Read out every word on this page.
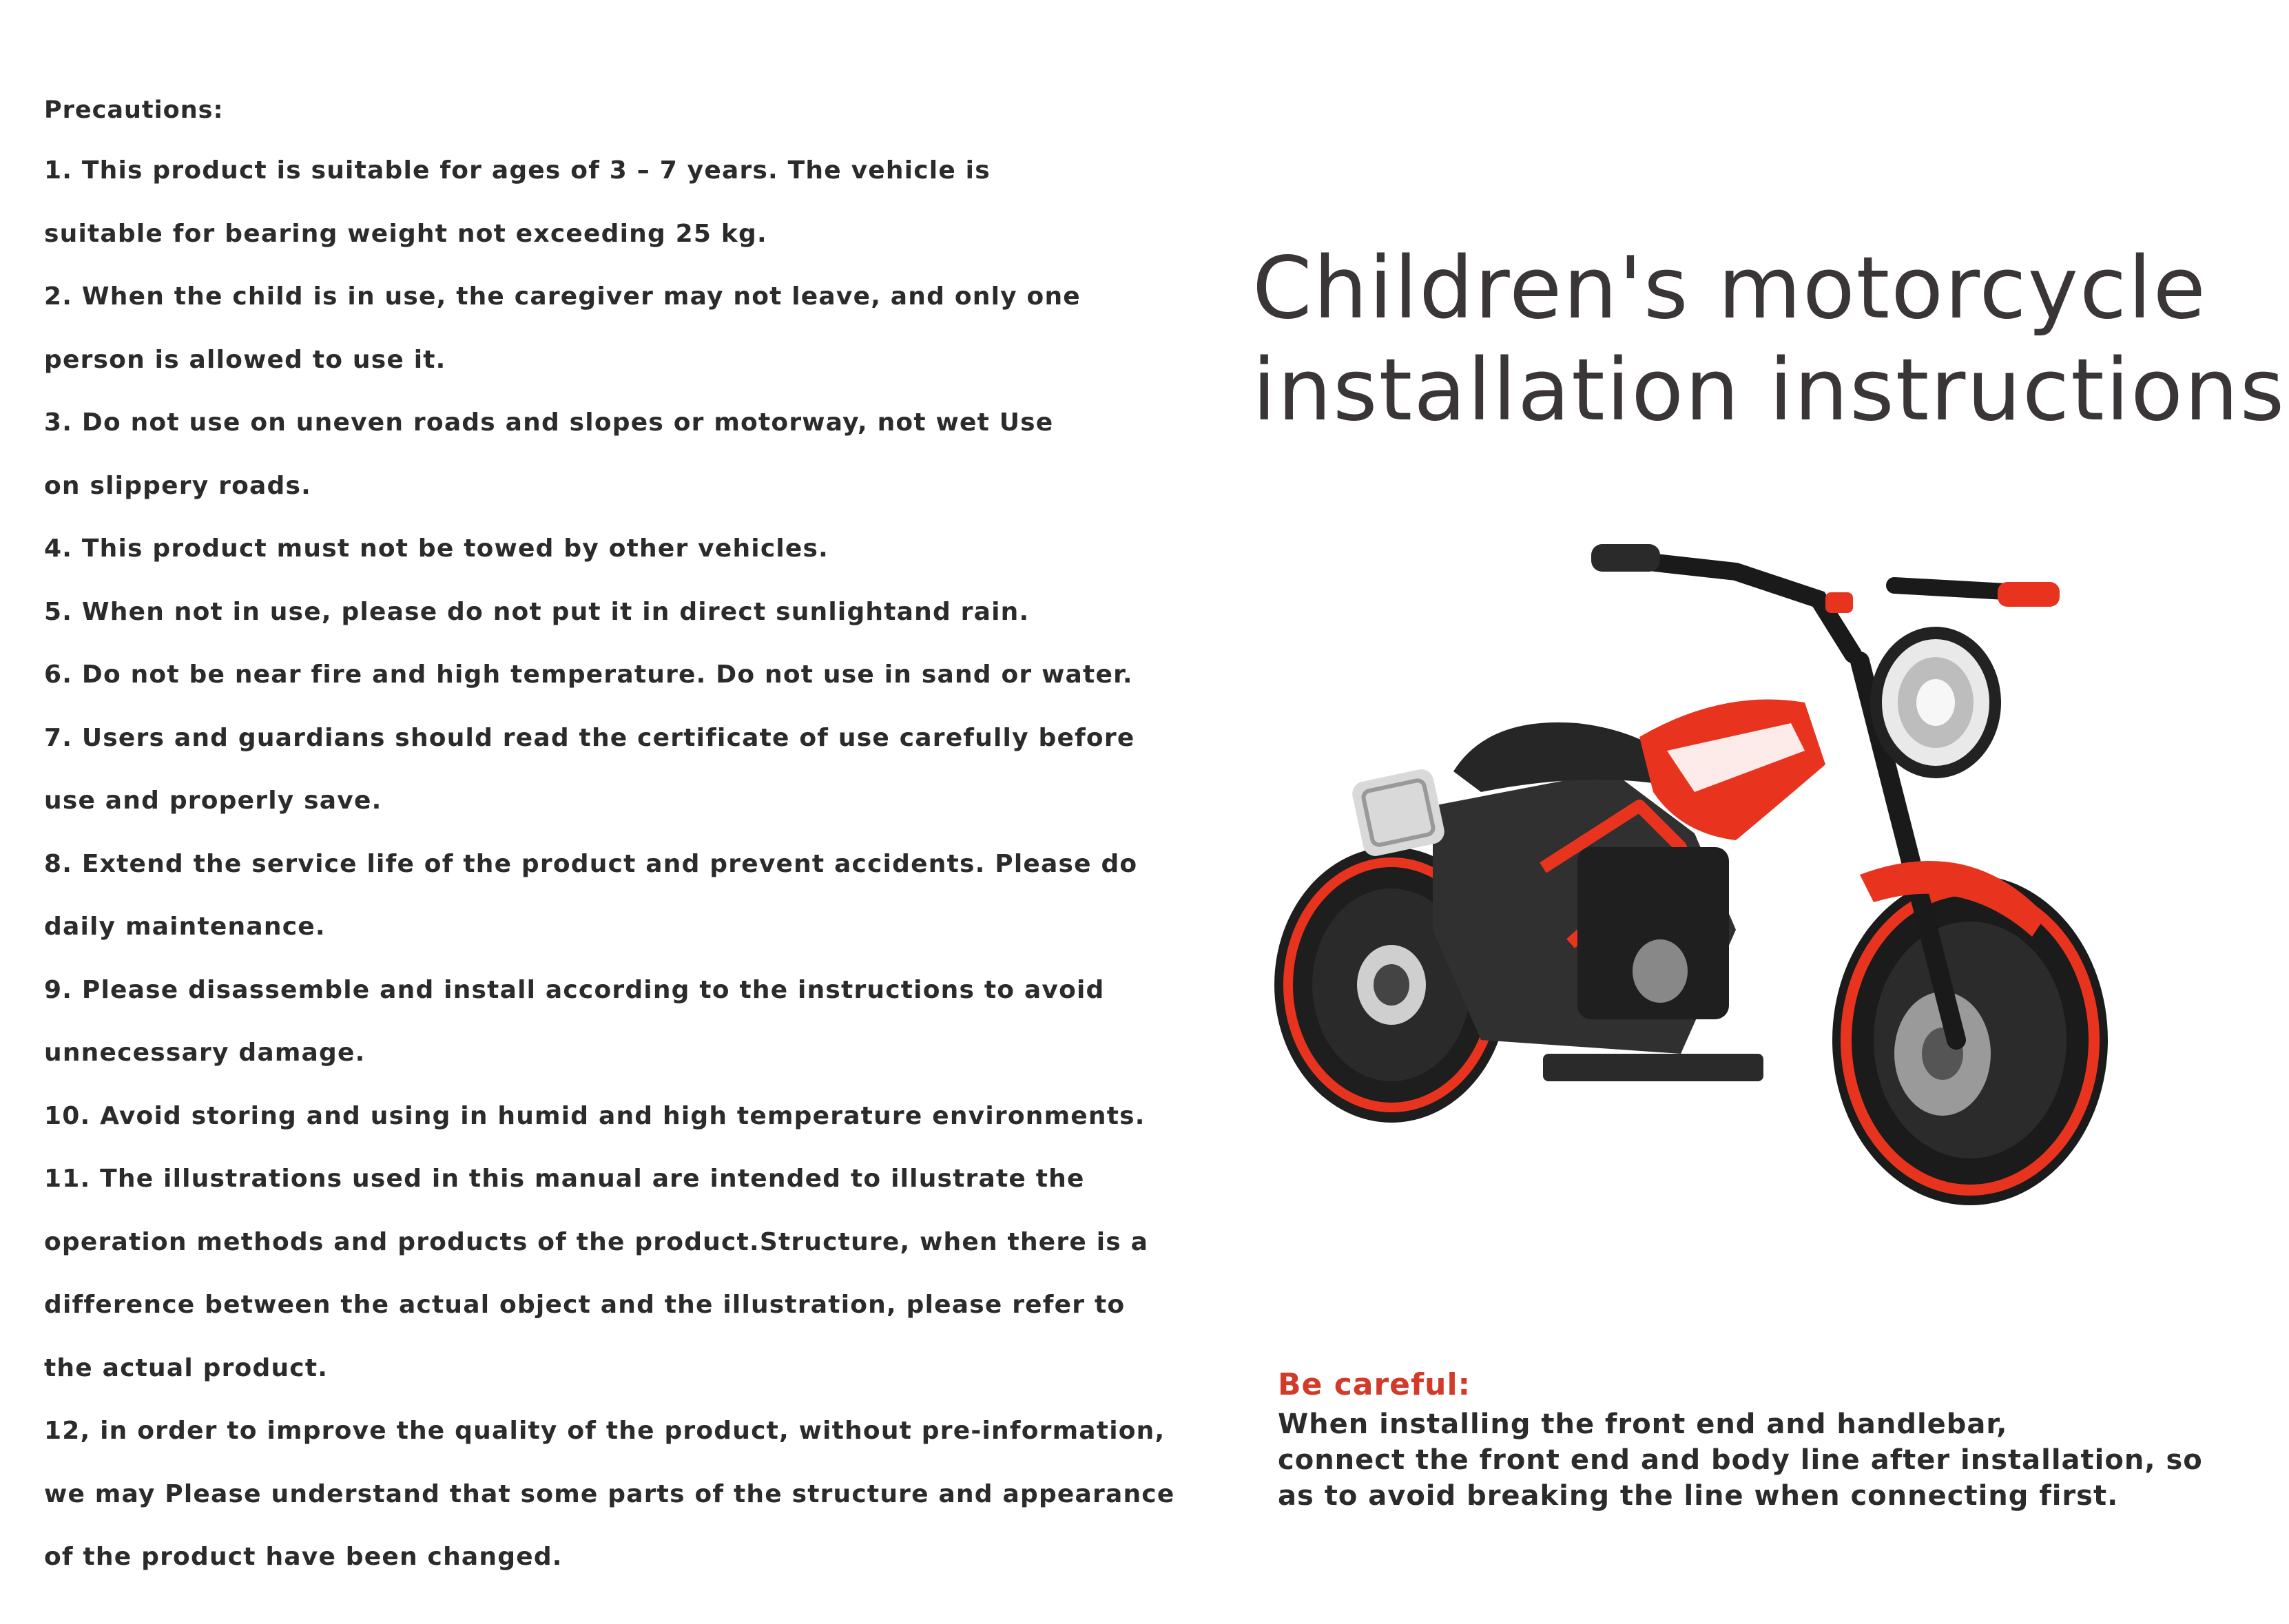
Precautions:
1. This product is suitable for ages of 3 – 7 years. The vehicle is
suitable for bearing weight not exceeding 25 kg.
2. When the child is in use, the caregiver may not leave, and only one
person is allowed to use it.
3. Do not use on uneven roads and slopes or motorway, not wet Use
on slippery roads.
4. This product must not be towed by other vehicles.
5. When not in use, please do not put it in direct sunlightand rain.
6. Do not be near fire and high temperature. Do not use in sand or water.
7. Users and guardians should read the certificate of use carefully before
use and properly save.
8. Extend the service life of the product and prevent accidents. Please do
daily maintenance.
9. Please disassemble and install according to the instructions to avoid
unnecessary damage.
10. Avoid storing and using in humid and high temperature environments.
11. The illustrations used in this manual are intended to illustrate the
operation methods and products of the product.Structure, when there is a
difference between the actual object and the illustration, please refer to
the actual product.
12, in order to improve the quality of the product, without pre-information,
we may Please understand that some parts of the structure and appearance
of the product have been changed.
Children's motorcycle
installation instructions
Be careful:
When installing the front end and handlebar,
connect the front end and body line after installation, so
as to avoid breaking the line when connecting first.
